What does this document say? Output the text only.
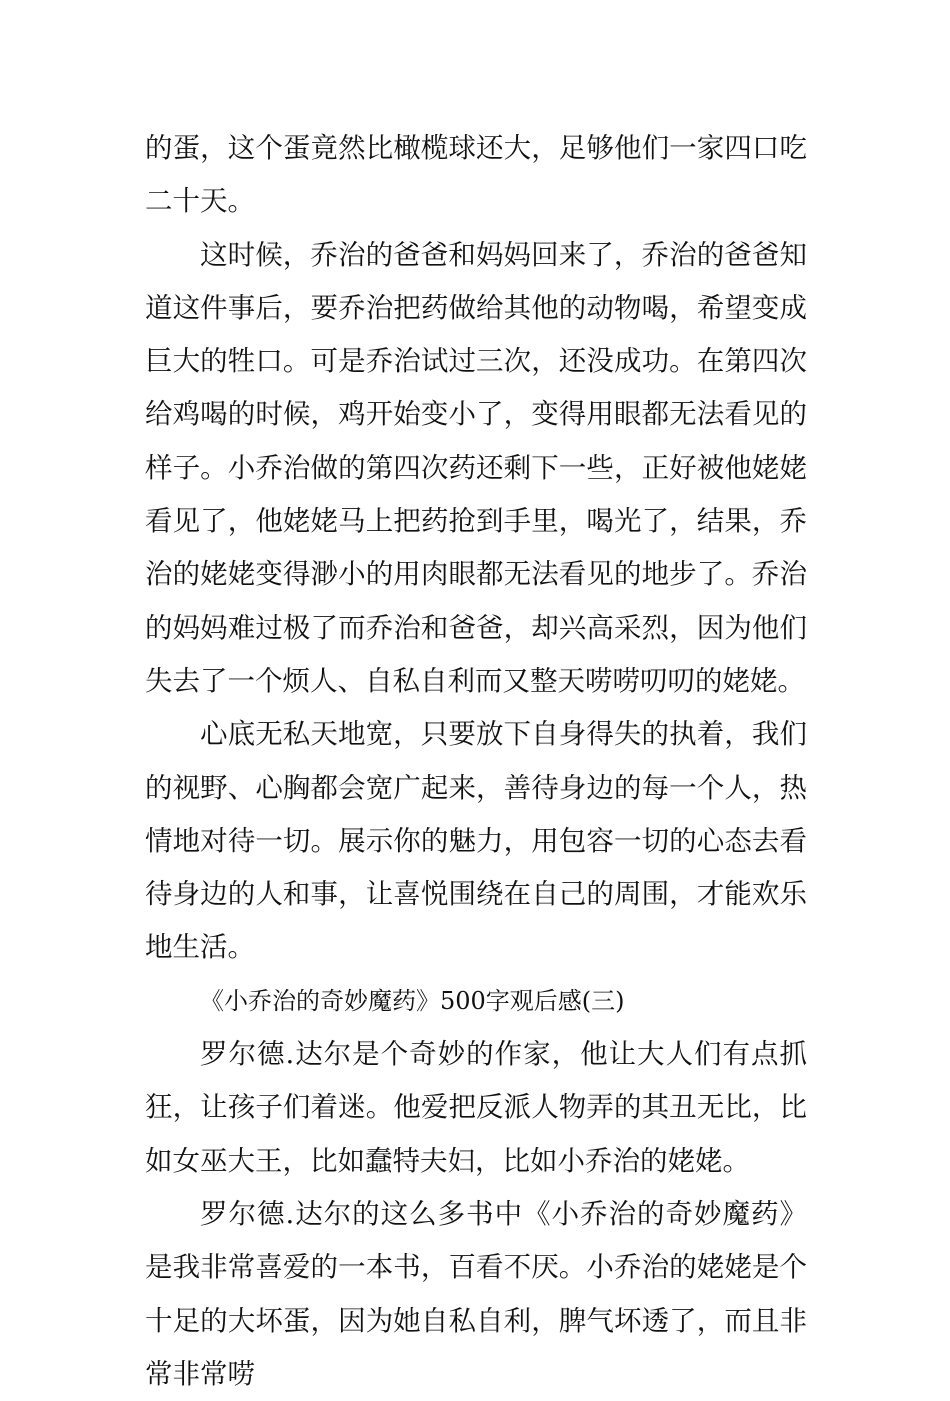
的蛋，这个蛋竟然比橄榄球还大，足够他们一家四口吃二十天。

这时候，乔治的爸爸和妈妈回来了，乔治的爸爸知道这件事后，要乔治把药做给其他的动物喝，希望变成巨大的牲口。可是乔治试过三次，还没成功。在第四次给鸡喝的时候，鸡开始变小了，变得用眼都无法看见的样子。小乔治做的第四次药还剩下一些，正好被他姥姥看见了，他姥姥马上把药抢到手里，喝光了，结果，乔治的姥姥变得渺小的用肉眼都无法看见的地步了。乔治的妈妈难过极了而乔治和爸爸，却兴高采烈，因为他们失去了一个烦人、自私自利而又整天唠唠叨叨的姥姥。

心底无私天地宽，只要放下自身得失的执着，我们的视野、心胸都会宽广起来，善待身边的每一个人，热情地对待一切。展示你的魅力，用包容一切的心态去看待身边的人和事，让喜悦围绕在自己的周围，才能欢乐地生活。

《小乔治的奇妙魔药》500字观后感(三)

罗尔德.达尔是个奇妙的作家，他让大人们有点抓狂，让孩子们着迷。他爱把反派人物弄的其丑无比，比如女巫大王，比如蠢特夫妇，比如小乔治的姥姥。

罗尔德.达尔的这么多书中《小乔治的奇妙魔药》是我非常喜爱的一本书，百看不厌。小乔治的姥姥是个十足的大坏蛋，因为她自私自利，脾气坏透了，而且非常非常唠
